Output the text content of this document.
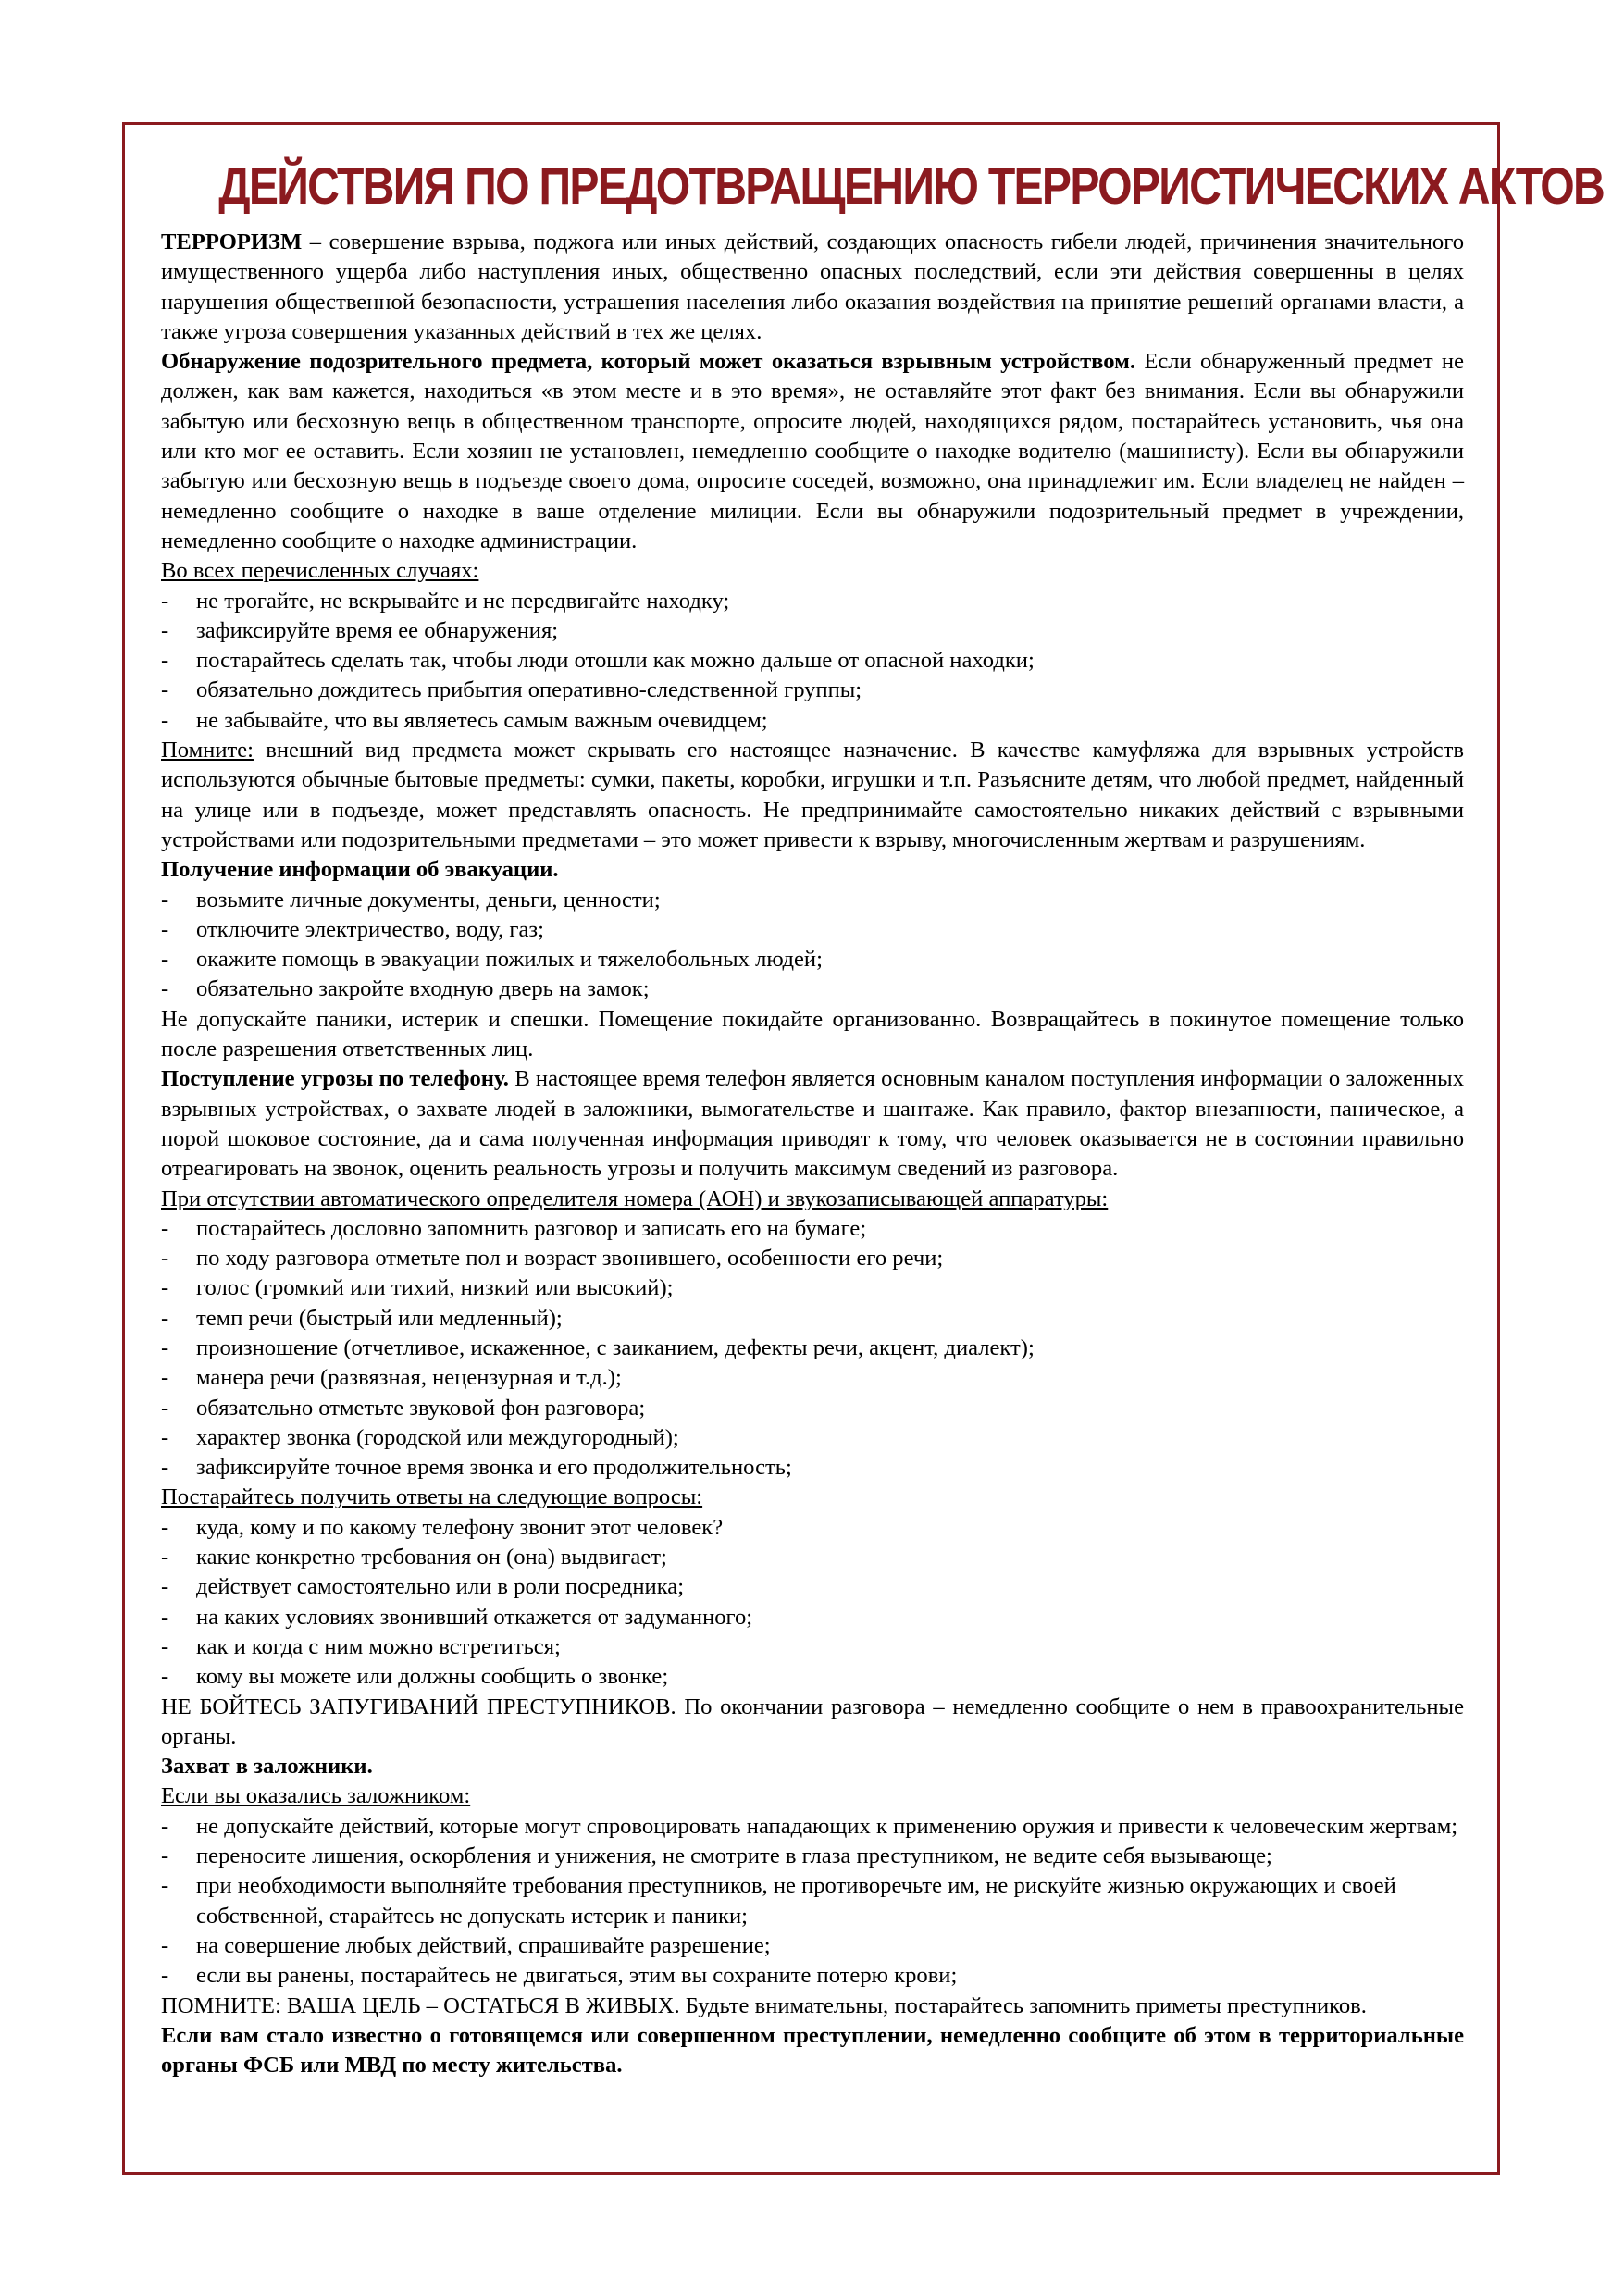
ДЕЙСТВИЯ ПО ПРЕДОТВРАЩЕНИЮ ТЕРРОРИСТИЧЕСКИХ АКТОВ

ТЕРРОРИЗМ – совершение взрыва, поджога или иных действий, создающих опасность гибели людей, причинения значительного имущественного ущерба либо наступления иных, общественно опасных последствий, если эти действия совершенны в целях нарушения общественной безопасности, устрашения населения либо оказания воздействия на принятие решений органами власти, а также угроза совершения указанных действий в тех же целях.

Обнаружение подозрительного предмета, который может оказаться взрывным устройством. Если обнаруженный предмет не должен, как вам кажется, находиться «в этом месте и в это время», не оставляйте этот факт без внимания. Если вы обнаружили забытую или бесхозную вещь в общественном транспорте, опросите людей, находящихся рядом, постарайтесь установить, чья она или кто мог ее оставить. Если хозяин не установлен, немедленно сообщите о находке водителю (машинисту). Если вы обнаружили забытую или бесхозную вещь в подъезде своего дома, опросите соседей, возможно, она принадлежит им. Если владелец не найден – немедленно сообщите о находке в ваше отделение милиции. Если вы обнаружили подозрительный предмет в учреждении, немедленно сообщите о находке администрации.

Во всех перечисленных случаях:

- не трогайте, не вскрывайте и не передвигайте находку;
- зафиксируйте время ее обнаружения;
- постарайтесь сделать так, чтобы люди отошли как можно дальше от опасной находки;
- обязательно дождитесь прибытия оперативно-следственной группы;
- не забывайте, что вы являетесь самым важным очевидцем;

Помните: внешний вид предмета может скрывать его настоящее назначение. В качестве камуфляжа для взрывных устройств используются обычные бытовые предметы: сумки, пакеты, коробки, игрушки и т.п. Разъясните детям, что любой предмет, найденный на улице или в подъезде, может представлять опасность. Не предпринимайте самостоятельно никаких действий с взрывными устройствами или подозрительными предметами – это может привести к взрыву, многочисленным жертвам и разрушениям.

Получение информации об эвакуации.

- возьмите личные документы, деньги, ценности;
- отключите электричество, воду, газ;
- окажите помощь в эвакуации пожилых и тяжелобольных людей;
- обязательно закройте входную дверь на замок;

Не допускайте паники, истерик и спешки. Помещение покидайте организованно. Возвращайтесь в покинутое помещение только после разрешения ответственных лиц.

Поступление угрозы по телефону. В настоящее время телефон является основным каналом поступления информации о заложенных взрывных устройствах, о захвате людей в заложники, вымогательстве и шантаже. Как правило, фактор внезапности, паническое, а порой шоковое состояние, да и сама полученная информация приводят к тому, что человек оказывается не в состоянии правильно отреагировать на звонок, оценить реальность угрозы и получить максимум сведений из разговора.

При отсутствии автоматического определителя номера (АОН) и звукозаписывающей аппаратуры:

- постарайтесь дословно запомнить разговор и записать его на бумаге;
- по ходу разговора отметьте пол и возраст звонившего, особенности его речи;
- голос (громкий или тихий, низкий или высокий);
- темп речи (быстрый или медленный);
- произношение (отчетливое, искаженное, с заиканием, дефекты речи, акцент, диалект);
- манера речи (развязная, нецензурная и т.д.);
- обязательно отметьте звуковой фон разговора;
- характер звонка (городской или междугородный);
- зафиксируйте точное время звонка и его продолжительность;

Постарайтесь получить ответы на следующие вопросы:

- куда, кому и по какому телефону звонит этот человек?
- какие конкретно требования он (она) выдвигает;
- действует самостоятельно или в роли посредника;
- на каких условиях звонивший откажется от задуманного;
- как и когда с ним можно встретиться;
- кому вы можете или должны сообщить о звонке;

НЕ БОЙТЕСЬ ЗАПУГИВАНИЙ ПРЕСТУПНИКОВ. По окончании разговора – немедленно сообщите о нем в правоохранительные органы.

Захват в заложники.

Если вы оказались заложником:

- не допускайте действий, которые могут спровоцировать нападающих к применению оружия и привести к человеческим жертвам;
- переносите лишения, оскорбления и унижения, не смотрите в глаза преступником, не ведите себя вызывающе;
- при необходимости выполняйте требования преступников, не противоречьте им, не рискуйте жизнью окружающих и своей собственной, старайтесь не допускать истерик и паники;
- на совершение любых действий, спрашивайте разрешение;
- если вы ранены, постарайтесь не двигаться, этим вы сохраните потерю крови;

ПОМНИТЕ: ВАША ЦЕЛЬ – ОСТАТЬСЯ В ЖИВЫХ. Будьте внимательны, постарайтесь запомнить приметы преступников.

Если вам стало известно о готовящемся или совершенном преступлении, немедленно сообщите об этом в территориальные органы ФСБ или МВД по месту жительства.
